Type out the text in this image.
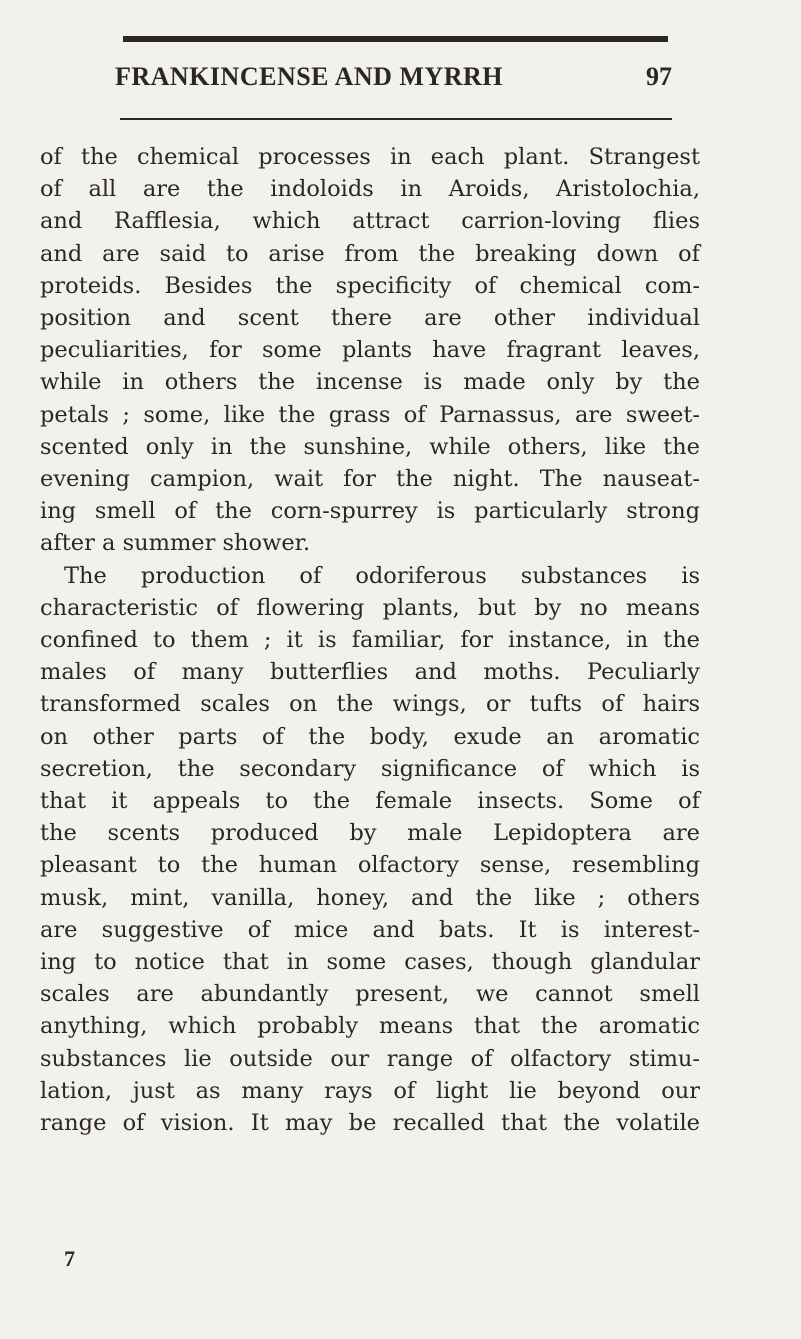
FRANKINCENSE AND MYRRH	97
of the chemical processes in each plant. Strangest
of all are the indoloids in Aroids, Aristolochia,
and Rafflesia, which attract carrion-loving flies
and are said to arise from the breaking down of
proteids. Besides the specificity of chemical com-
position and scent there are other individual
peculiarities, for some plants have fragrant leaves,
while in others the incense is made only by the
petals ; some, like the grass of Parnassus, are sweet-
scented only in the sunshine, while others, like the
evening campion, wait for the night. The nauseat-
ing smell of the corn-spurrey is particularly strong
after a summer shower.
The production of odoriferous substances is
characteristic of flowering plants, but by no means
confined to them ; it is familiar, for instance, in the
males of many butterflies and moths. Peculiarly
transformed scales on the wings, or tufts of hairs
on other parts of the body, exude an aromatic
secretion, the secondary significance of which is
that it appeals to the female insects. Some of
the scents produced by male Lepidoptera are
pleasant to the human olfactory sense, resembling
musk, mint, vanilla, honey, and the like ; others
are suggestive of mice and bats. It is interest-
ing to notice that in some cases, though glandular
scales are abundantly present, we cannot smell
anything, which probably means that the aromatic
substances lie outside our range of olfactory stimu-
lation, just as many rays of light lie beyond our
range of vision. It may be recalled that the volatile
7
